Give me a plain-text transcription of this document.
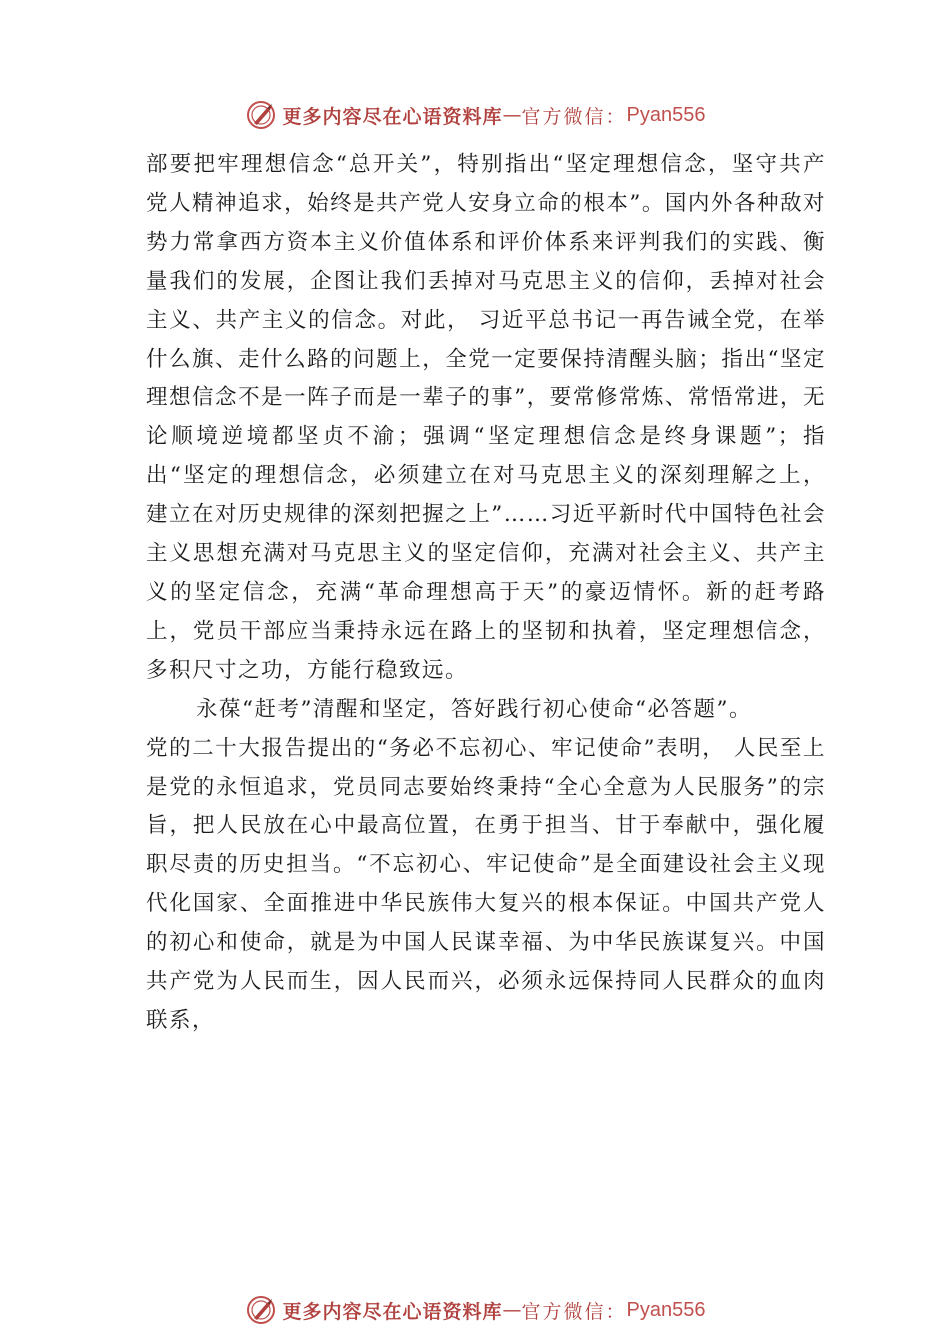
更多内容尽在心语资料库 — 官方微信： Pyan556

部要把牢理想信念“总开关”，特别指出“坚定理想信念，坚守共产党人精神追求，始终是共产党人安身立命的根本”。国内外各种敌对势力常拿西方资本主义价值体系和评价体系来评判我们的实践、衡量我们的发展，企图让我们丢掉对马克思主义的信仰，丢掉对社会主义、共产主义的信念。对此， 习近平总书记一再告诫全党，在举什么旗、走什么路的问题上，全党一定要保持清醒头脑；指出“坚定理想信念不是一阵子而是一辈子的事”，要常修常炼、常悟常进，无论顺境逆境都坚贞不渝；强调“坚定理想信念是终身课题”；指出“坚定的理想信念，必须建立在对马克思主义的深刻理解之上， 建立在对历史规律的深刻把握之上”……习近平新时代中国特色社会主义思想充满对马克思主义的坚定信仰，充满对社会主义、共产主义的坚定信念，充满“革命理想高于天”的豪迈情怀。新的赶考路上，党员干部应当秉持永远在路上的坚韧和执着，坚定理想信念，多积尺寸之功，方能行稳致远。

永葆“赶考”清醒和坚定，答好践行初心使命“必答题”。

党的二十大报告提出的“务必不忘初心、牢记使命”表明， 人民至上是党的永恒追求，党员同志要始终秉持“全心全意为人民服务”的宗旨，把人民放在心中最高位置，在勇于担当、甘于奉献中，强化履职尽责的历史担当。“不忘初心、牢记使命”是全面建设社会主义现代化国家、全面推进中华民族伟大复兴的根本保证。中国共产党人的初心和使命，就是为中国人民谋幸福、为中华民族谋复兴。中国共产党为人民而生，因人民而兴，必须永远保持同人民群众的血肉联系，

更多内容尽在心语资料库 — 官方微信： Pyan556
